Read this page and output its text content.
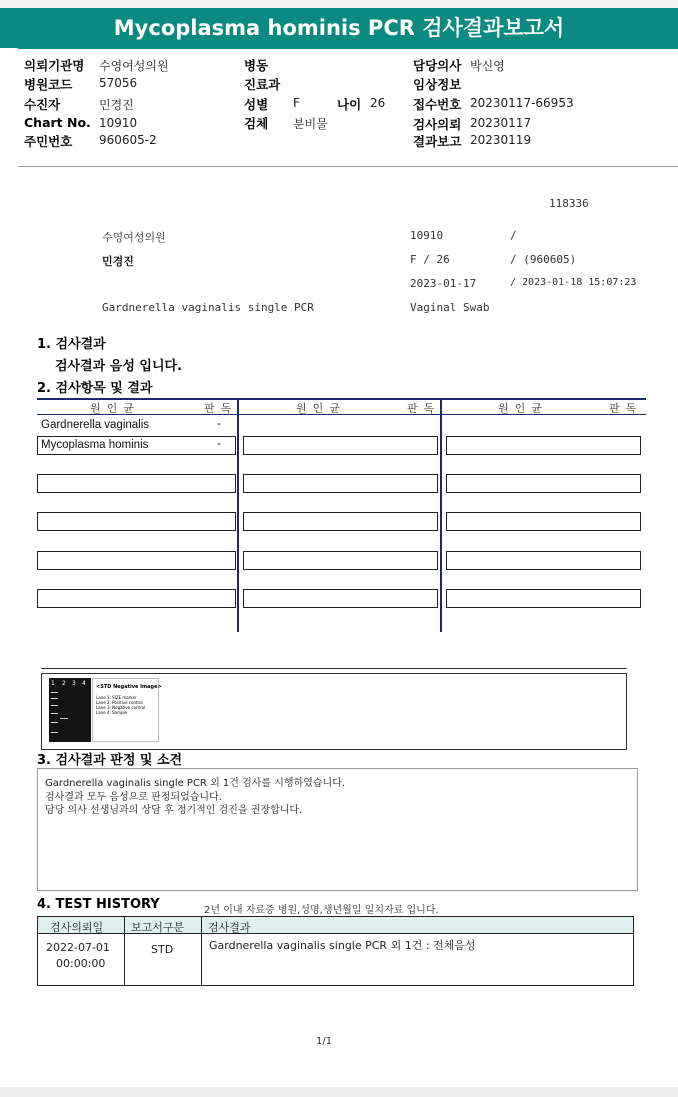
Mycoplasma hominis PCR 검사결과보고서
의뢰기관명 수영여성의원
병원코드 57056
수진자	민경진
Chart No. 10910
주민번호 960605-2
병동
진료과
성별 F	나이 26
검체 분비물
담당의사 박신영
임상정보
접수번호 20230117-66953
검사의뢰 20230117
결과보고 20230119
118336
수영여성의원	10910	/
민경진	F / 26	/ (960605)
2023-01-17	/ 2023-01-18 15:07:23
Gardnerella vaginalis single PCR	Vaginal Swab
1. 검사결과
검사결과 음성 입니다.
2. 검사항목 및 결과
원인균	판독	원인균	판독	원인균	판독
Gardnerella vaginalis	-
Mycoplasma hominis	-
1 2 3 4 <STD Negative Image>
Lane 1: SIZE marker
Lane 2: Positive control
Lane 3: Negative control
Lane 4: Sample
3. 검사결과 판정 및 소견
Gardnerella vaginalis single PCR 외 1건 검사를 시행하였습니다.
검사결과 모두 음성으로 판정되었습니다.
담당 의사 선생님과의 상담 후 정기적인 검진을 권장합니다.
4. TEST HISTORY	2년 이내 자료중 병원,성명,생년월일 일치자료 입니다.
검사의뢰일	보고서구분 검사결과
2022-07-01
00:00:00
STD	Gardnerella vaginalis single PCR 외 1건 : 전체음성
1/1
